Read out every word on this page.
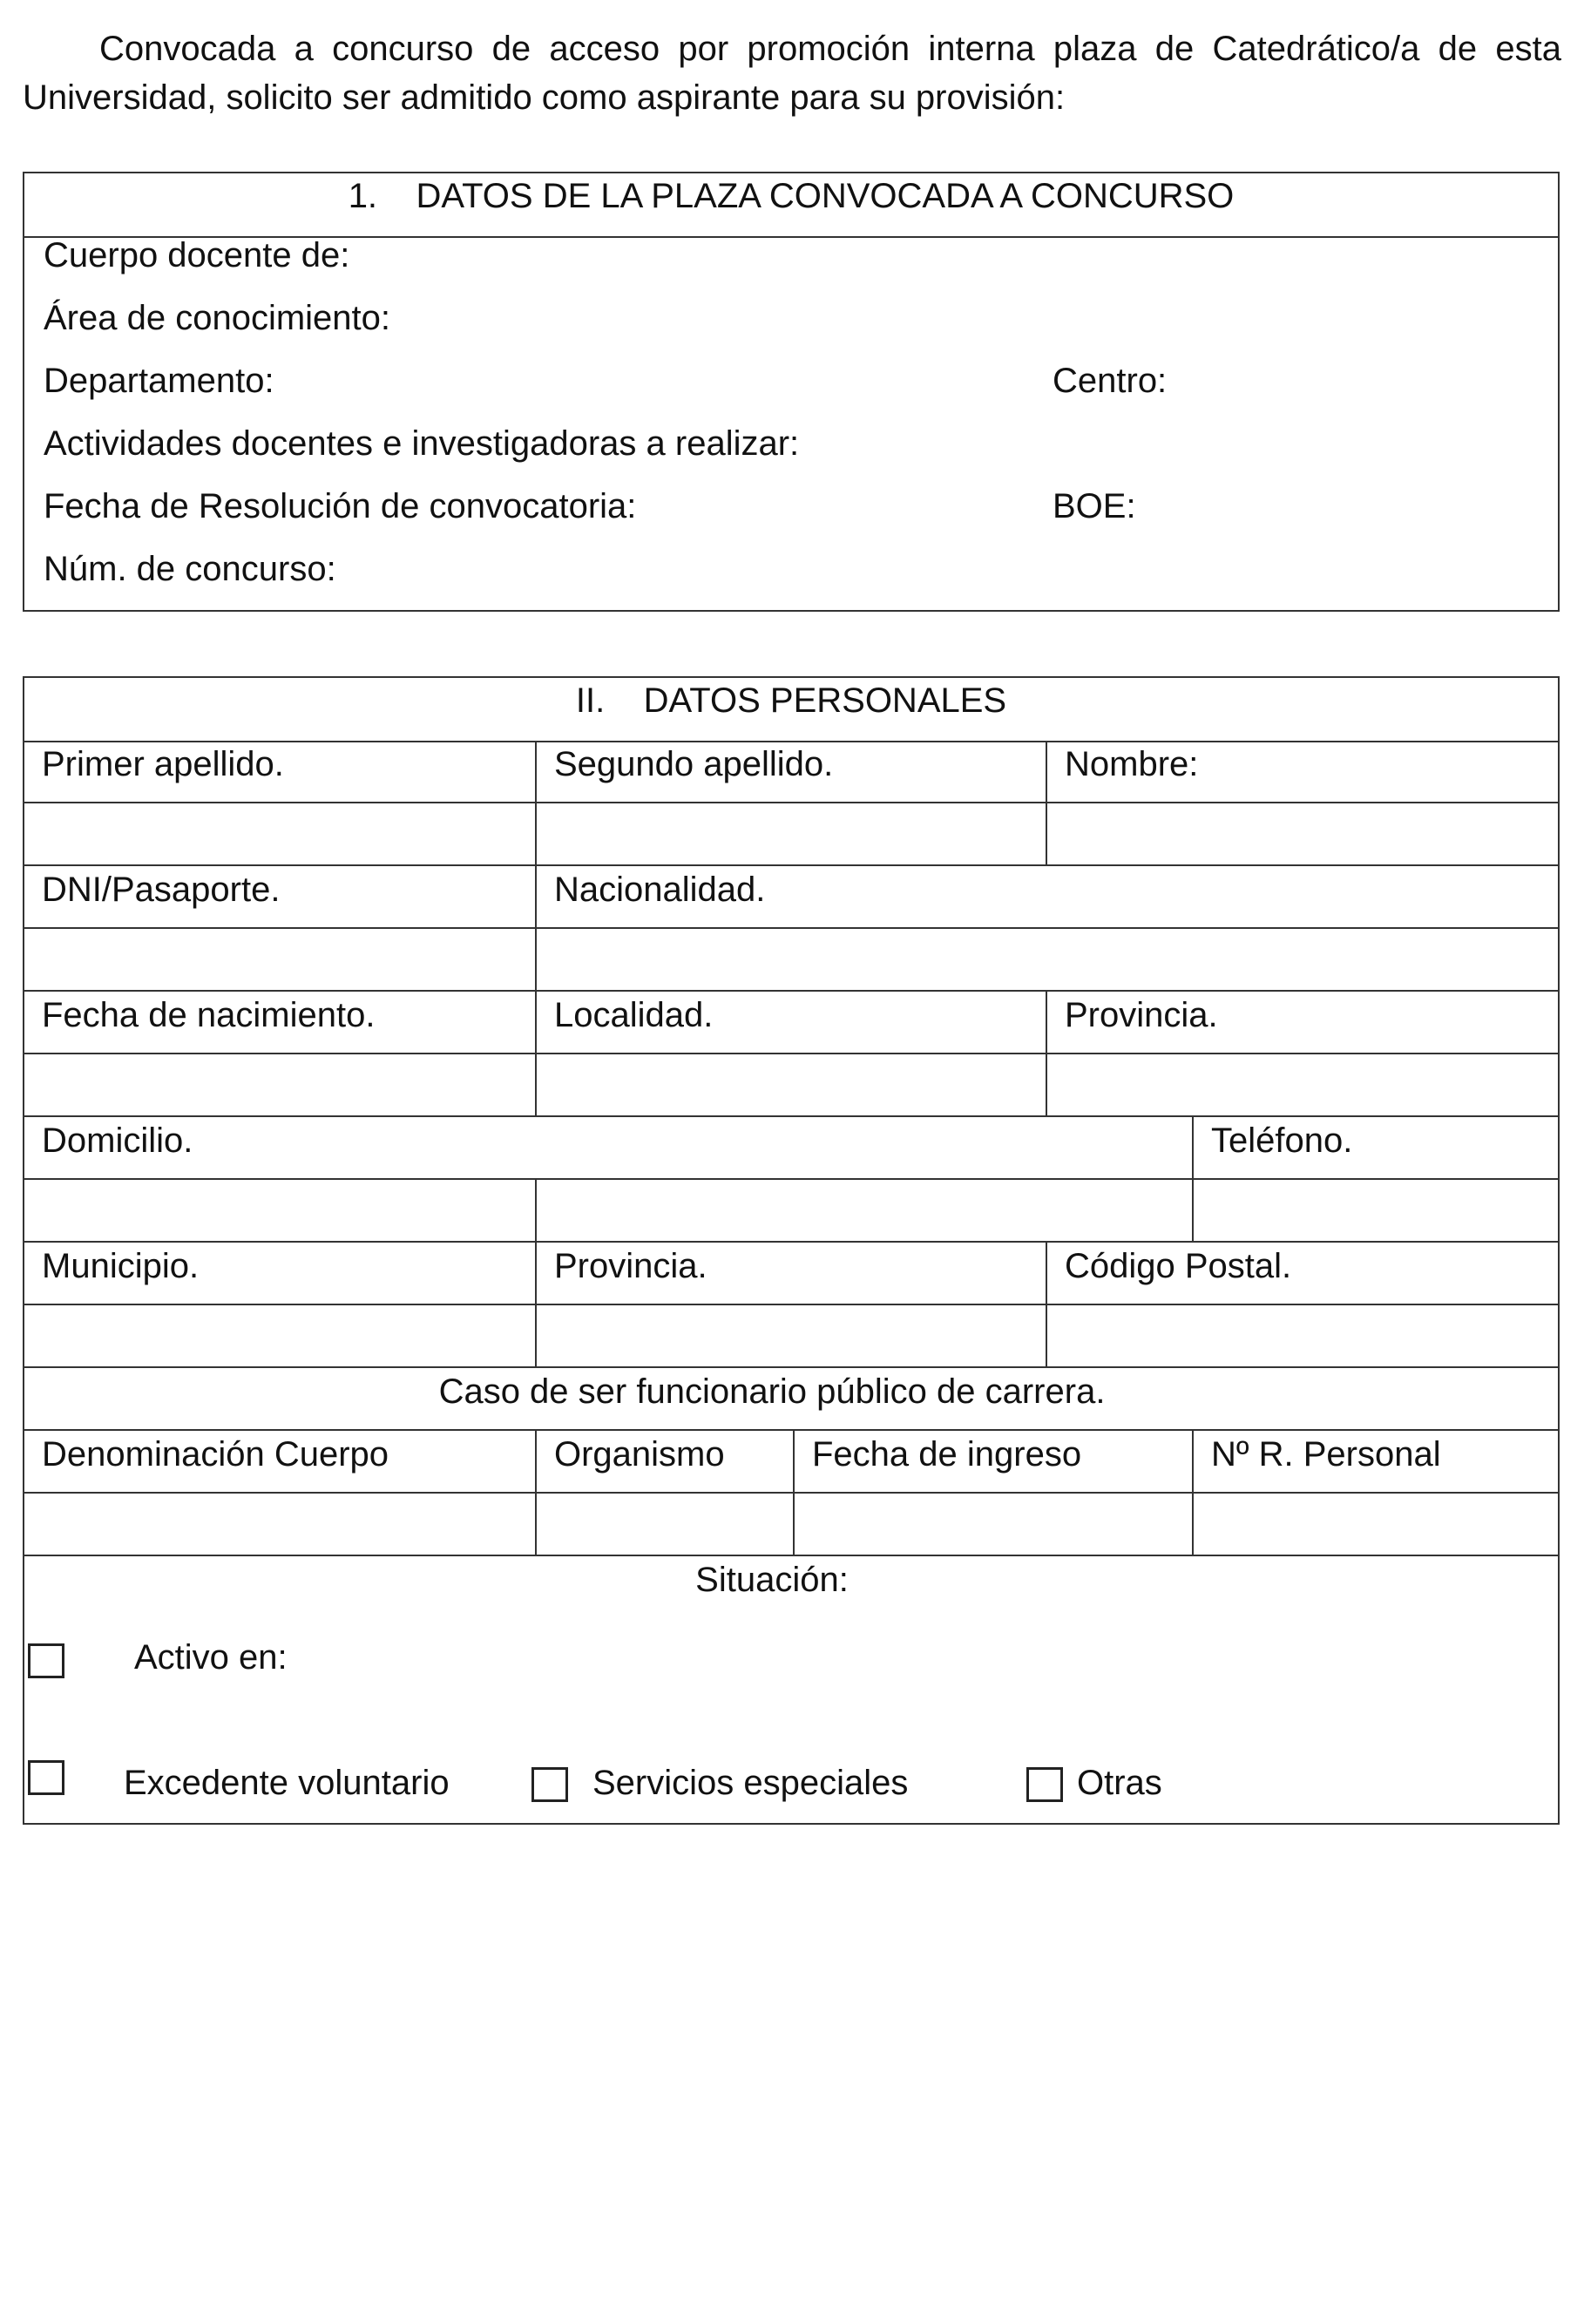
Convocada a concurso de acceso por promoción interna plaza de Catedrático/a de esta Universidad, solicito ser admitido como aspirante para su provisión:
1. DATOS DE LA PLAZA CONVOCADA A CONCURSO
Cuerpo docente de:
Área de conocimiento:
Departamento:	Centro:
Actividades docentes e investigadoras a realizar:
Fecha de Resolución de convocatoria:	BOE:
Núm. de concurso:
II. DATOS PERSONALES
Primer apellido.	Segundo apellido.	Nombre:
DNI/Pasaporte.	Nacionalidad.
Fecha de nacimiento.	Localidad.	Provincia.
Domicilio.	Teléfono.
Municipio.	Provincia.	Código Postal.
Caso de ser funcionario público de carrera.
Denominación Cuerpo	Organismo	Fecha de ingreso	Nº R. Personal
Situación:
Activo en:
Excedente voluntario	Servicios especiales	Otras
